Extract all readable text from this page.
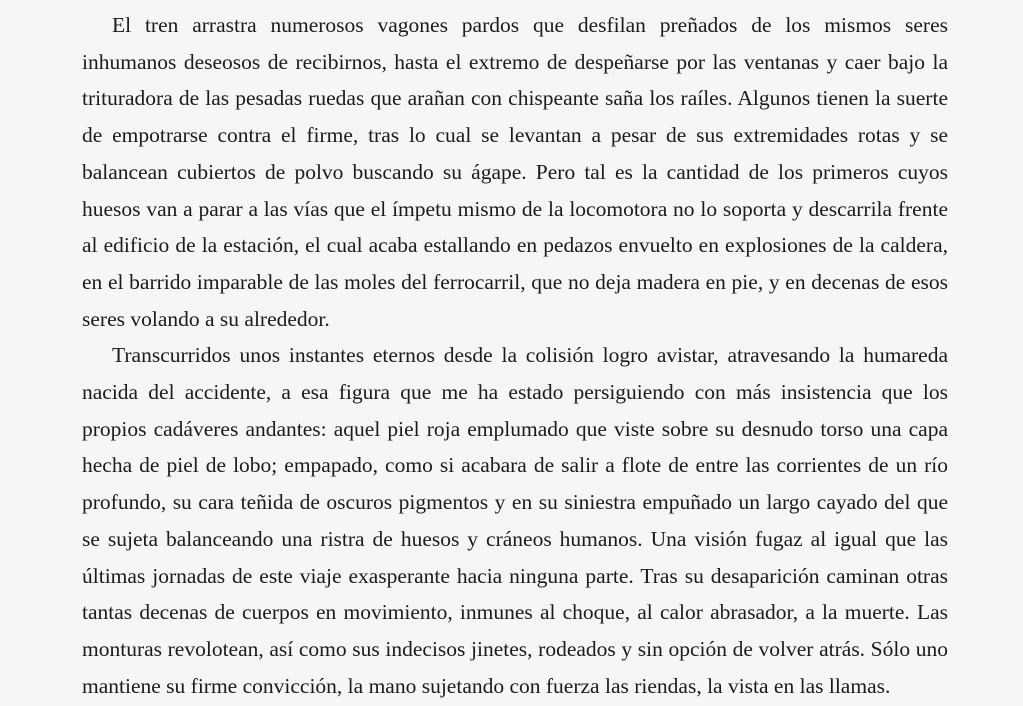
El tren arrastra numerosos vagones pardos que desfilan preñados de los mismos seres
inhumanos deseosos de recibirnos, hasta el extremo de despeñarse por las ventanas y caer bajo la
trituradora de las pesadas ruedas que arañan con chispeante saña los raíles. Algunos tienen la suerte
de empotrarse contra el firme, tras lo cual se levantan a pesar de sus extremidades rotas y se
balancean cubiertos de polvo buscando su ágape. Pero tal es la cantidad de los primeros cuyos
huesos van a parar a las vías que el ímpetu mismo de la locomotora no lo soporta y descarrila frente
al edificio de la estación, el cual acaba estallando en pedazos envuelto en explosiones de la caldera,
en el barrido imparable de las moles del ferrocarril, que no deja madera en pie, y en decenas de esos
seres volando a su alrededor.
Transcurridos unos instantes eternos desde la colisión logro avistar, atravesando la humareda
nacida del accidente, a esa figura que me ha estado persiguiendo con más insistencia que los
propios cadáveres andantes: aquel piel roja emplumado que viste sobre su desnudo torso una capa
hecha de piel de lobo; empapado, como si acabara de salir a flote de entre las corrientes de un río
profundo, su cara teñida de oscuros pigmentos y en su siniestra empuñado un largo cayado del que
se sujeta balanceando una ristra de huesos y cráneos humanos. Una visión fugaz al igual que las
últimas jornadas de este viaje exasperante hacia ninguna parte. Tras su desaparición caminan otras
tantas decenas de cuerpos en movimiento, inmunes al choque, al calor abrasador, a la muerte. Las
monturas revolotean, así como sus indecisos jinetes, rodeados y sin opción de volver atrás. Sólo uno
mantiene su firme convicción, la mano sujetando con fuerza las riendas, la vista en las llamas.
